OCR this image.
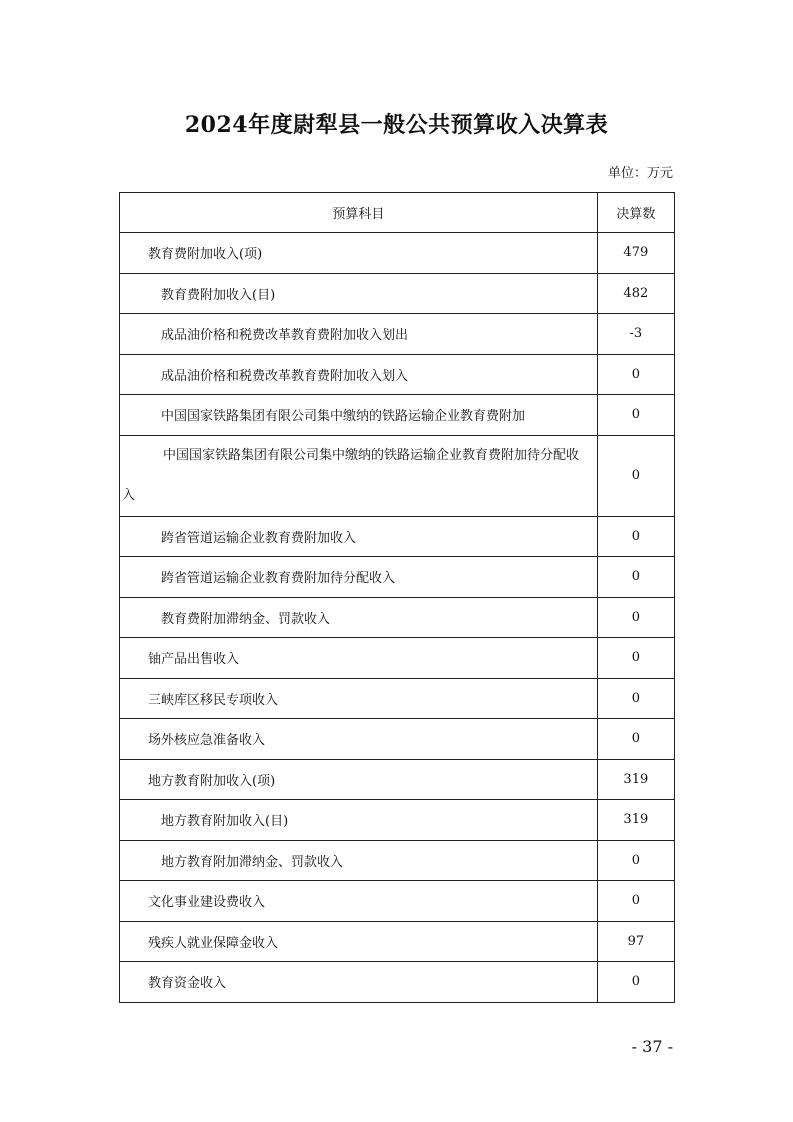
2024年度尉犁县一般公共预算收入决算表
单位：万元
预算科目	决算数
教育费附加收入(项)	479
教育费附加收入(目)	482
成品油价格和税费改革教育费附加收入划出	-3
成品油价格和税费改革教育费附加收入划入	0
中国国家铁路集团有限公司集中缴纳的铁路运输企业教育费附加	0

中国国家铁路集团有限公司集中缴纳的铁路运输企业教育费附加待分配收入	0
跨省管道运输企业教育费附加收入	0
跨省管道运输企业教育费附加待分配收入	0
教育费附加滞纳金、罚款收入	0
铀产品出售收入	0
三峡库区移民专项收入	0
场外核应急准备收入	0
地方教育附加收入(项)	319
地方教育附加收入(目)	319
地方教育附加滞纳金、罚款收入	0
文化事业建设费收入	0
残疾人就业保障金收入	97
教育资金收入	0
- 37 -
